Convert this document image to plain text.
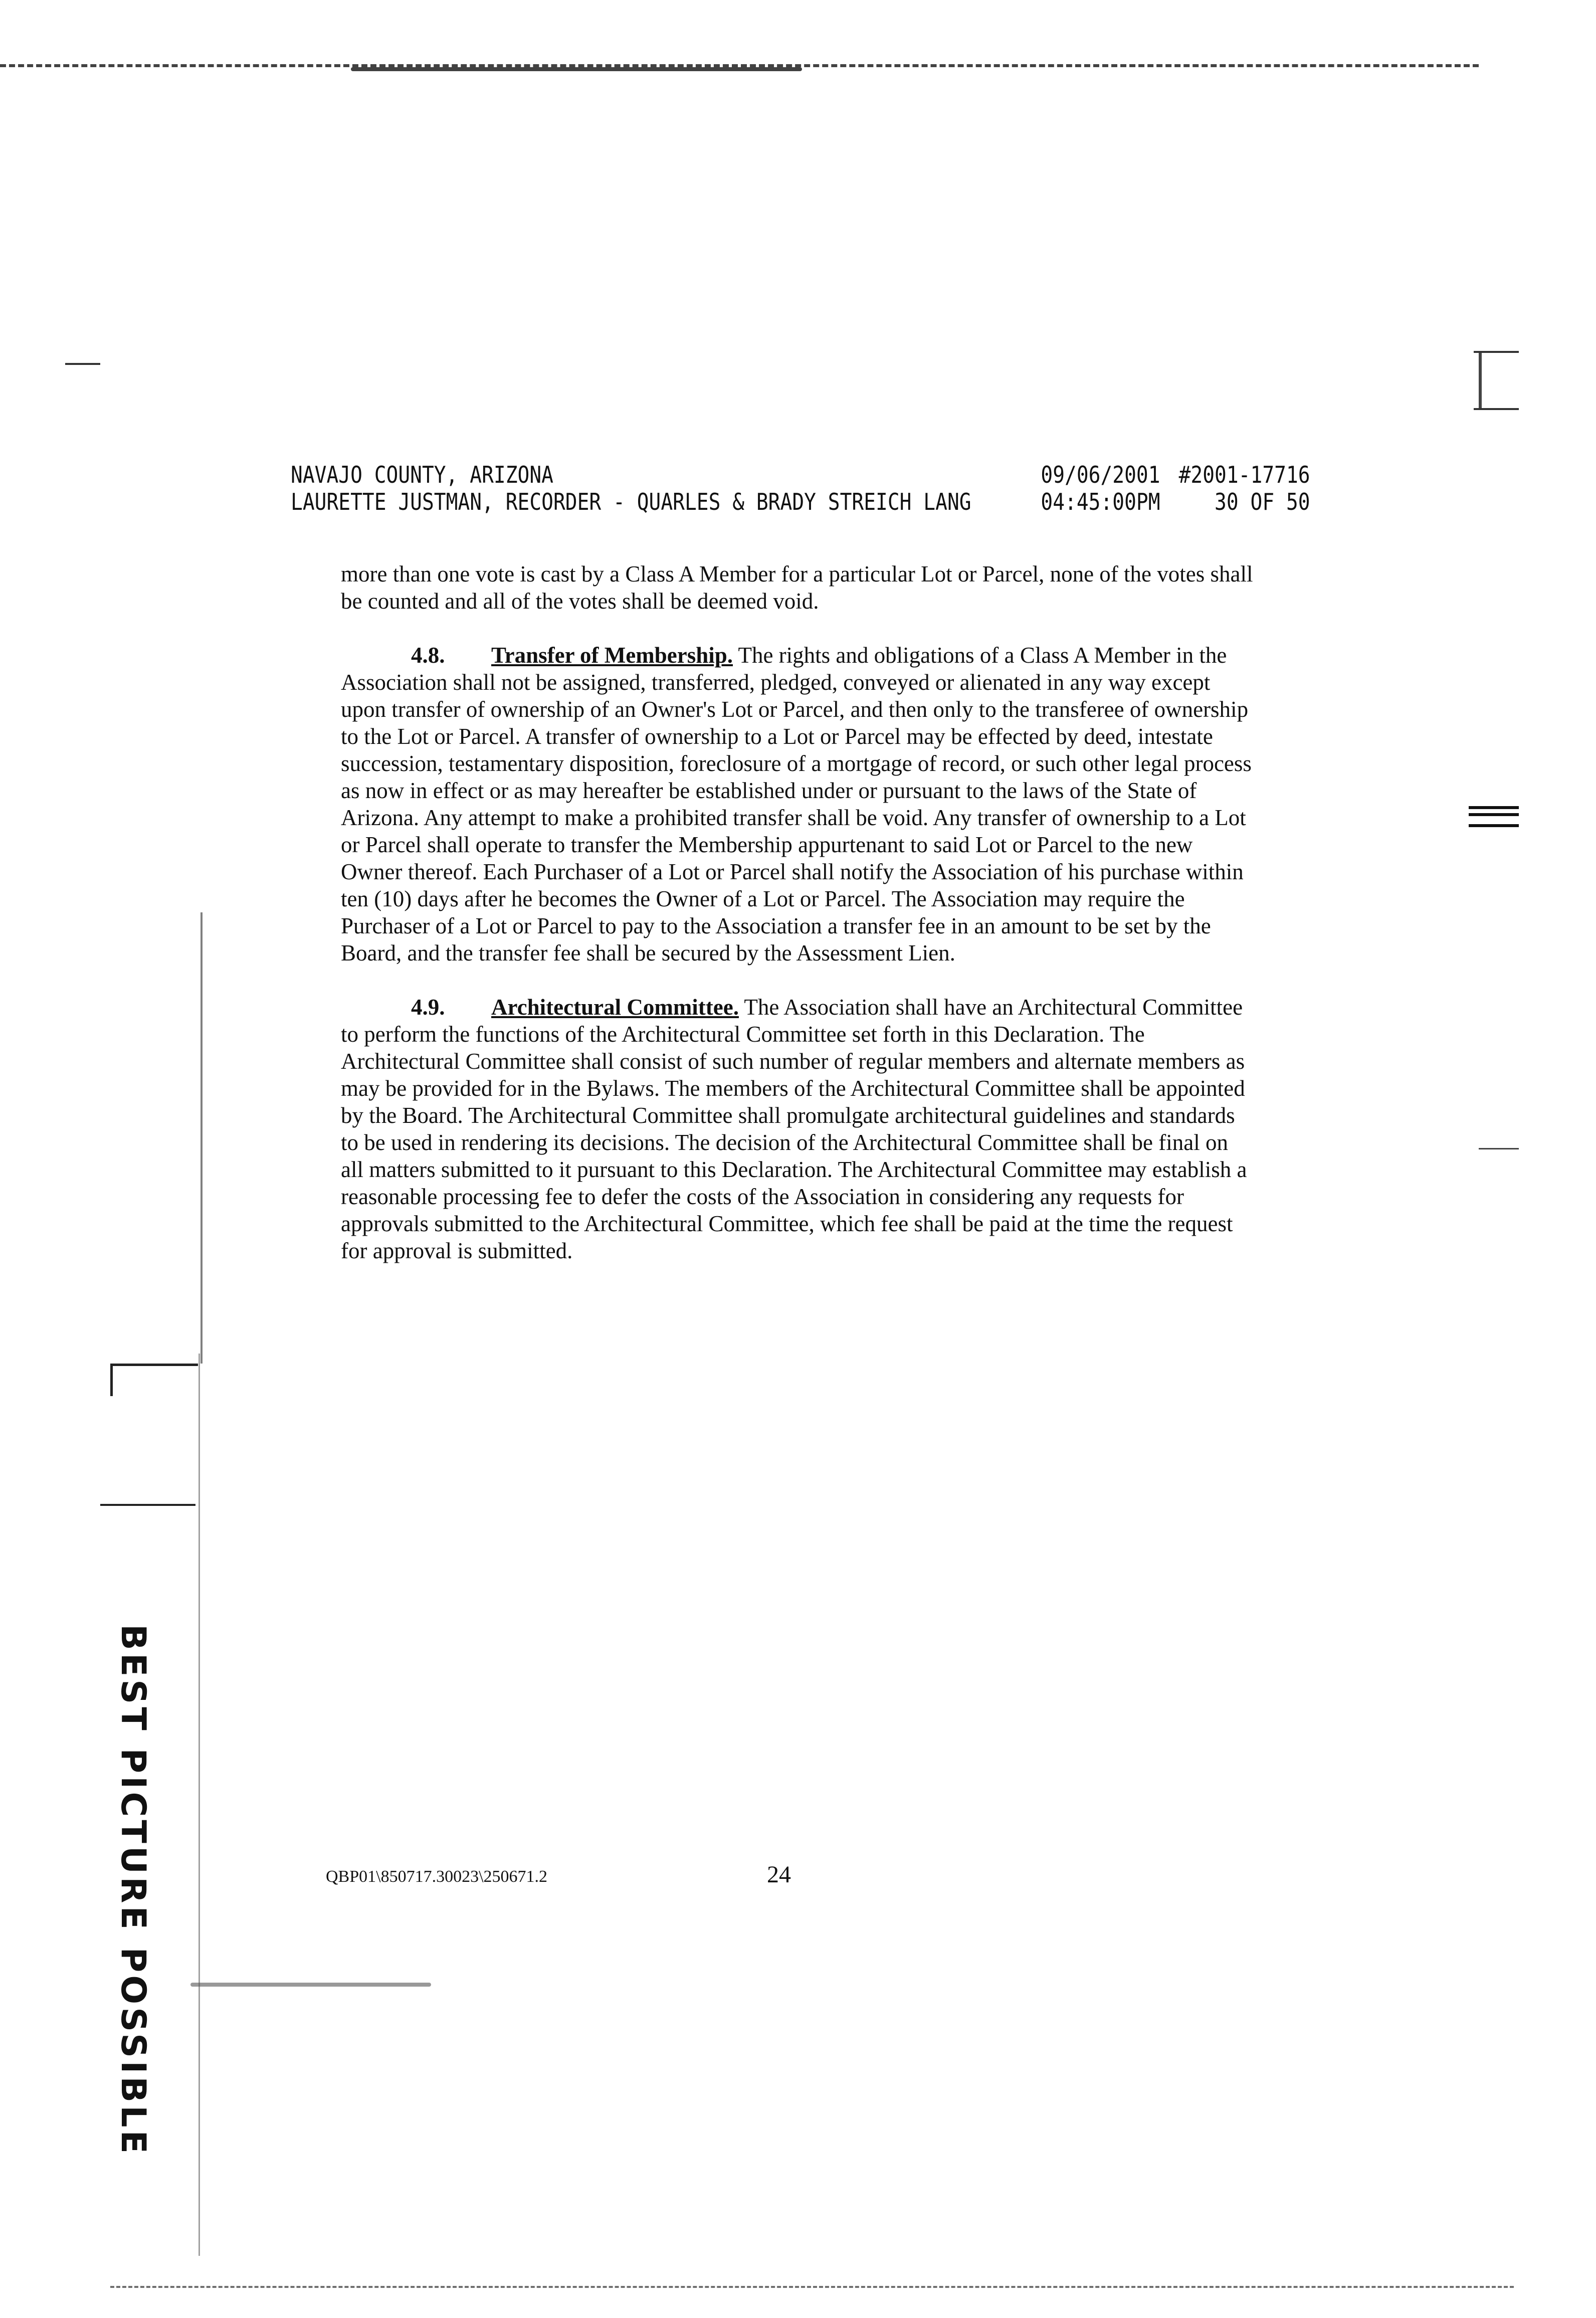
NAVAJO COUNTY, ARIZONA
LAURETTE JUSTMAN, RECORDER - QUARLES & BRADY STREICH LANG
09/06/2001
04:45:00PM
#2001-17716
30 OF 50

more than one vote is cast by a Class A Member for a particular Lot or Parcel, none of the votes shall be counted and all of the votes shall be deemed void.

4.8. Transfer of Membership. The rights and obligations of a Class A Member in the Association shall not be assigned, transferred, pledged, conveyed or alienated in any way except upon transfer of ownership of an Owner's Lot or Parcel, and then only to the transferee of ownership to the Lot or Parcel. A transfer of ownership to a Lot or Parcel may be effected by deed, intestate succession, testamentary disposition, foreclosure of a mortgage of record, or such other legal process as now in effect or as may hereafter be established under or pursuant to the laws of the State of Arizona. Any attempt to make a prohibited transfer shall be void. Any transfer of ownership to a Lot or Parcel shall operate to transfer the Membership appurtenant to said Lot or Parcel to the new Owner thereof. Each Purchaser of a Lot or Parcel shall notify the Association of his purchase within ten (10) days after he becomes the Owner of a Lot or Parcel. The Association may require the Purchaser of a Lot or Parcel to pay to the Association a transfer fee in an amount to be set by the Board, and the transfer fee shall be secured by the Assessment Lien.

4.9. Architectural Committee. The Association shall have an Architectural Committee to perform the functions of the Architectural Committee set forth in this Declaration. The Architectural Committee shall consist of such number of regular members and alternate members as may be provided for in the Bylaws. The members of the Architectural Committee shall be appointed by the Board. The Architectural Committee shall promulgate architectural guidelines and standards to be used in rendering its decisions. The decision of the Architectural Committee shall be final on all matters submitted to it pursuant to this Declaration. The Architectural Committee may establish a reasonable processing fee to defer the costs of the Association in considering any requests for approvals submitted to the Architectural Committee, which fee shall be paid at the time the request for approval is submitted.

QBP01\850717.30023\250671.2	24
BEST PICTURE POSSIBLE
